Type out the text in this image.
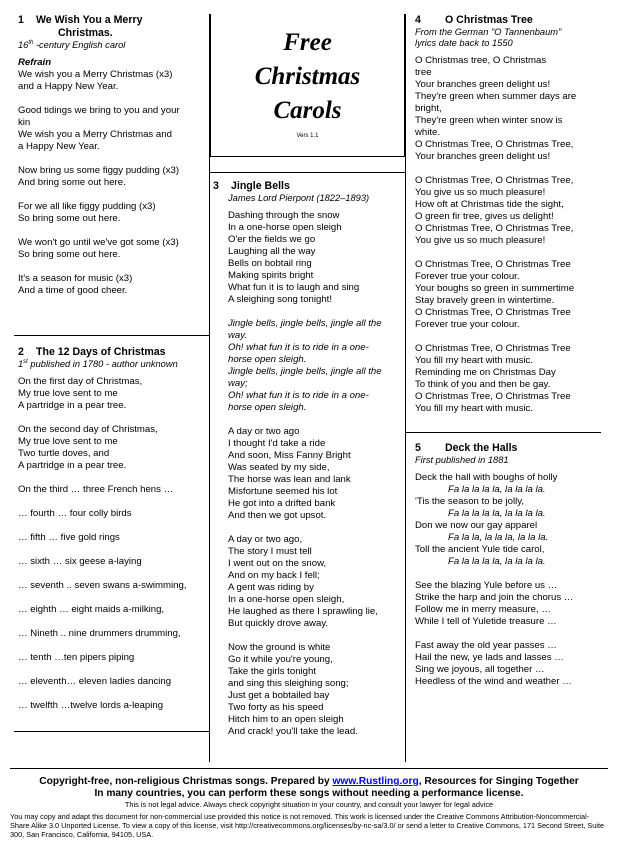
1 We Wish You a Merry
Christmas.
16th -century English carol
Refrain
We wish you a Merry Christmas (x3)
and a Happy New Year.
Good tidings we bring to you and your
kin
We wish you a Merry Christmas and
a Happy New Year.
Now bring us some figgy pudding (x3)
And bring some out here.
For we all like figgy pudding (x3)
So bring some out here.
We won't go until we've got some (x3)
So bring some out here.
It's a season for music (x3)
And a time of good cheer.
2 The 12 Days of Christmas
1st published in 1780 - author unknown
On the first day of Christmas,
My true love sent to me
A partridge in a pear tree.
On the second day of Christmas,
My true love sent to me
Two turtle doves, and
A partridge in a pear tree.
On the third … three French hens …
… fourth … four colly birds
… fifth … five gold rings
… sixth … six geese a-laying
… seventh .. seven swans a-swimming,
… eighth … eight maids a-milking,
… Nineth .. nine drummers drumming,
… tenth …ten pipers piping
… eleventh… eleven ladies dancing
… twelfth …twelve lords a-leaping
Free
Christmas
Carols
Vers 1.1
3 Jingle Bells
James Lord Pierpont (1822–1893)
Dashing through the snow
In a one-horse open sleigh
O'er the fields we go
Laughing all the way
Bells on bobtail ring
Making spirits bright
What fun it is to laugh and sing
A sleighing song tonight!
Jingle bells, jingle bells, jingle all the
way.
Oh! what fun it is to ride in a one-
horse open sleigh.
Jingle bells, jingle bells, jingle all the
way;
Oh! what fun it is to ride in a one-
horse open sleigh.
A day or two ago
I thought I'd take a ride
And soon, Miss Fanny Bright
Was seated by my side,
The horse was lean and lank
Misfortune seemed his lot
He got into a drifted bank
And then we got upsot.
A day or two ago,
The story I must tell
I went out on the snow,
And on my back I fell;
A gent was riding by
In a one-horse open sleigh,
He laughed as there I sprawling lie,
But quickly drove away.
Now the ground is white
Go it while you're young,
Take the girls tonight
and sing this sleighing song;
Just get a bobtailed bay
Two forty as his speed
Hitch him to an open sleigh
And crack! you'll take the lead.
4 O Christmas Tree
From the German "O Tannenbaum"
lyrics date back to 1550
O Christmas tree, O Christmas
tree
Your branches green delight us!
They're green when summer days are
bright,
They're green when winter snow is
white.
O Christmas Tree, O Christmas Tree,
Your branches green delight us!
O Christmas Tree, O Christmas Tree,
You give us so much pleasure!
How oft at Christmas tide the sight,
O green fir tree, gives us delight!
O Christmas Tree, O Christmas Tree,
You give us so much pleasure!
O Christmas Tree, O Christmas Tree
Forever true your colour.
Your boughs so green in summertime
Stay bravely green in wintertime.
O Christmas Tree, O Christmas Tree
Forever true your colour.
O Christmas Tree, O Christmas Tree
You fill my heart with music.
Reminding me on Christmas Day
To think of you and then be gay.
O Christmas Tree, O Christmas Tree
You fill my heart with music.
5 Deck the Halls
First published in 1881
Deck the hall with boughs of holly
Fa la la la la, la la la la.
'Tis the season to be jolly,
Fa la la la la, la la la la.
Don we now our gay apparel
Fa la la, la la la, la la la.
Toll the ancient Yule tide carol,
Fa la la la la, la la la la.
See the blazing Yule before us …
Strike the harp and join the chorus …
Follow me in merry measure, …
While I tell of Yuletide treasure …
Fast away the old year passes …
Hail the new, ye lads and lasses …
Sing we joyous, all together …
Heedless of the wind and weather …
Copyright-free, non-religious Christmas songs. Prepared by www.Rustling.org, Resources for Singing Together
In many countries, you can perform these songs without needing a performance license.
This is not legal advice. Always check copyright situation in your country, and consult your lawyer for legal advice
You may copy and adapt this document for non-commercial use provided this notice is not removed. This work is licensed under the Creative Commons Attribution-Noncommercial-Share Alike 3.0 Unported License. To view a copy of this license, visit http://creativecommons.org/licenses/by-nc-sa/3.0/ or send a letter to Creative Commons, 171 Second Street, Suite 300, San Francisco, California, 94105, USA.
